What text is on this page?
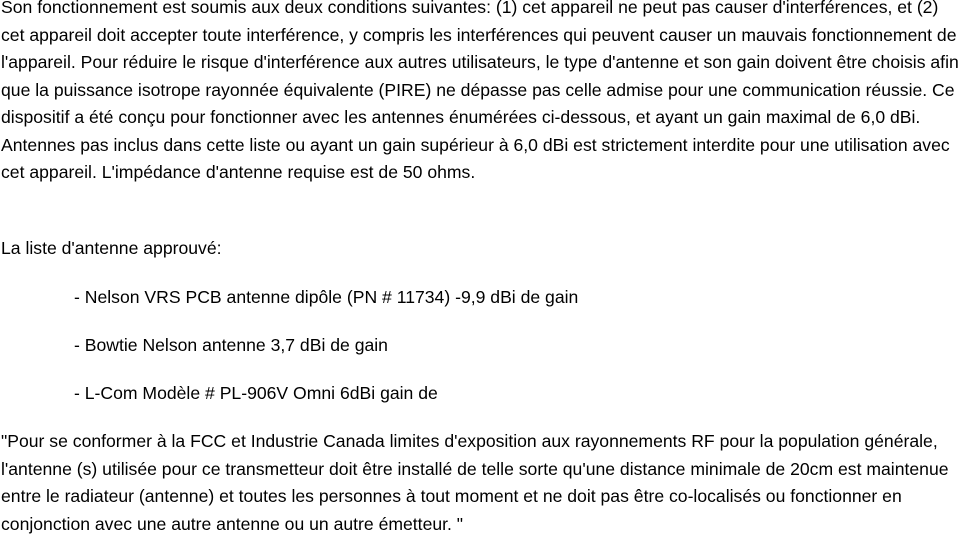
Son fonctionnement est soumis aux deux conditions suivantes: (1) cet appareil ne peut pas causer d'interférences, et (2) cet appareil doit accepter toute interférence, y compris les interférences qui peuvent causer un mauvais fonctionnement de l'appareil. Pour réduire le risque d'interférence aux autres utilisateurs, le type d'antenne et son gain doivent être choisis afin que la puissance isotrope rayonnée équivalente (PIRE) ne dépasse pas celle admise pour une communication réussie. Ce dispositif a été conçu pour fonctionner avec les antennes énumérées ci-dessous, et ayant un gain maximal de 6,0 dBi. Antennes pas inclus dans cette liste ou ayant un gain supérieur à 6,0 dBi est strictement interdite pour une utilisation avec cet appareil. L'impédance d'antenne requise est de 50 ohms.

La liste d'antenne approuvé:

- Nelson VRS PCB antenne dipôle (PN # 11734) -9,9 dBi de gain

- Bowtie Nelson antenne 3,7 dBi de gain

- L-Com Modèle # PL-906V Omni 6dBi gain de

"Pour se conformer à la FCC et Industrie Canada limites d'exposition aux rayonnements RF pour la population générale, l'antenne (s) utilisée pour ce transmetteur doit être installé de telle sorte qu'une distance minimale de 20cm est maintenue entre le radiateur (antenne) et toutes les personnes à tout moment et ne doit pas être co-localisés ou fonctionner en conjonction avec une autre antenne ou un autre émetteur. "
